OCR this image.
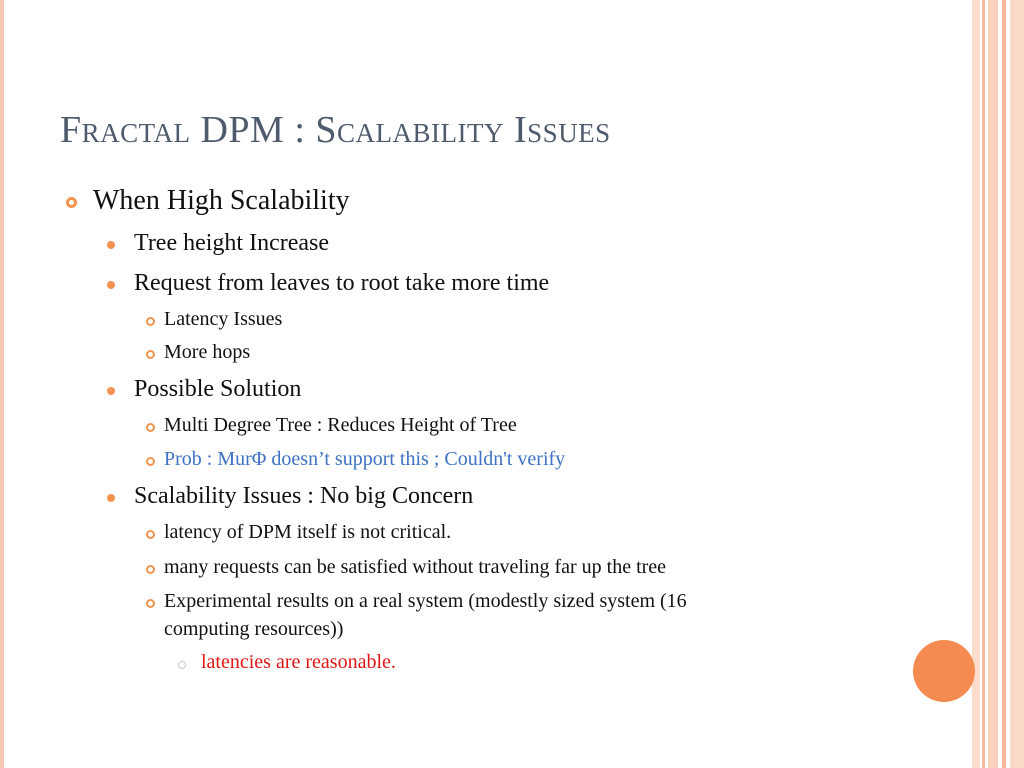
Fractal DPM : Scalability Issues
When High Scalability
Tree height Increase
Request from leaves to root take more time
Latency Issues
More hops
Possible Solution
Multi Degree Tree : Reduces Height of Tree
Prob : MurΦ doesn’t support this ; Couldn't verify
Scalability Issues : No big Concern
latency of DPM itself is not critical.
many requests can be satisfied without traveling far up the tree
Experimental results on a real system (modestly sized system (16
computing resources))
latencies are reasonable.
